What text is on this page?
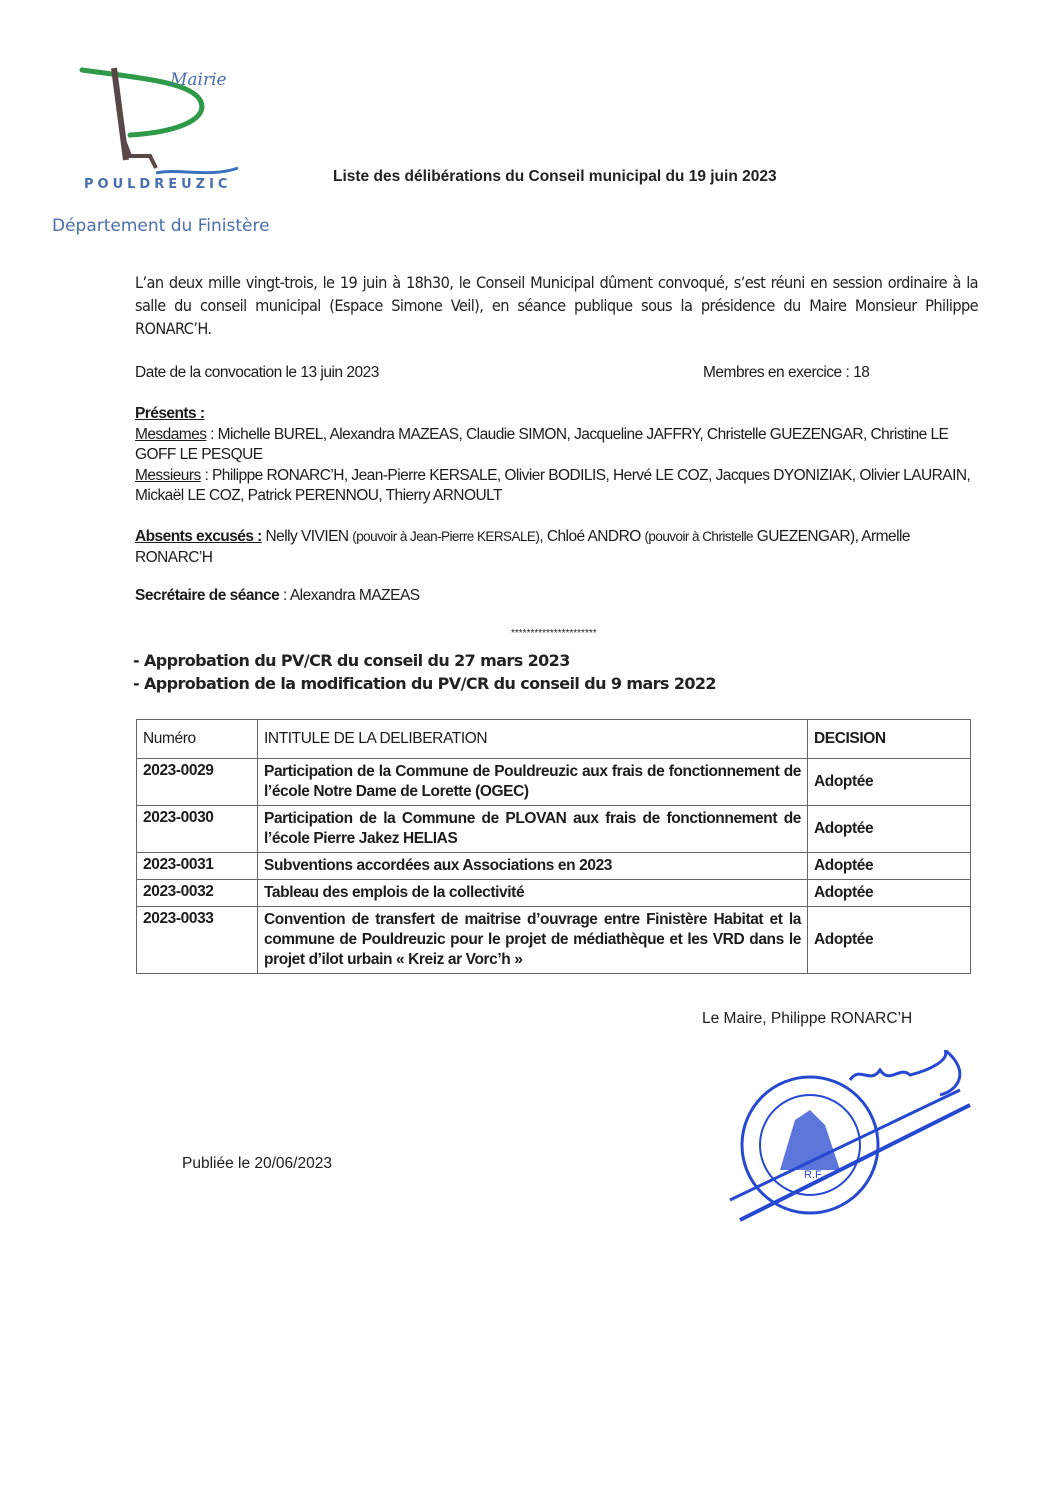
Mairie
POULDREUZIC
Département du Finistère
Liste des délibérations du Conseil municipal du 19 juin 2023
L’an deux mille vingt-trois, le 19 juin à 18h30, le Conseil Municipal dûment convoqué, s’est réuni en session ordinaire à la salle du conseil municipal (Espace Simone Veil), en séance publique sous la présidence du Maire Monsieur Philippe RONARC’H.
Date de la convocation le 13 juin 2023	Membres en exercice : 18
Présents :
Mesdames : Michelle BUREL, Alexandra MAZEAS, Claudie SIMON, Jacqueline JAFFRY, Christelle GUEZENGAR, Christine LE GOFF LE PESQUE
Messieurs : Philippe RONARC’H, Jean-Pierre KERSALE, Olivier BODILIS, Hervé LE COZ, Jacques DYONIZIAK, Olivier LAURAIN, Mickaël LE COZ, Patrick PERENNOU, Thierry ARNOULT
Absents excusés : Nelly VIVIEN (pouvoir à Jean-Pierre KERSALE), Chloé ANDRO (pouvoir à Christelle GUEZENGAR), Armelle RONARC’H
Secrétaire de séance : Alexandra MAZEAS
**********************
- Approbation du PV/CR du conseil du 27 mars 2023
- Approbation de la modification du PV/CR du conseil du 9 mars 2022
Numéro	INTITULE DE LA DELIBERATION	DECISION
2023-0029	Participation de la Commune de Pouldreuzic aux frais de fonctionnement de l’école Notre Dame de Lorette (OGEC)	Adoptée
2023-0030	Participation de la Commune de PLOVAN aux frais de fonctionnement de l’école Pierre Jakez HELIAS	Adoptée
2023-0031	Subventions accordées aux Associations en 2023	Adoptée
2023-0032	Tableau des emplois de la collectivité	Adoptée
2023-0033	Convention de transfert de maitrise d’ouvrage entre Finistère Habitat et la commune de Pouldreuzic pour le projet de médiathèque et les VRD dans le projet d’ilot urbain « Kreiz ar Vorc’h »	Adoptée
Le Maire, Philippe RONARC’H
R.F.
Publiée le 20/06/2023
